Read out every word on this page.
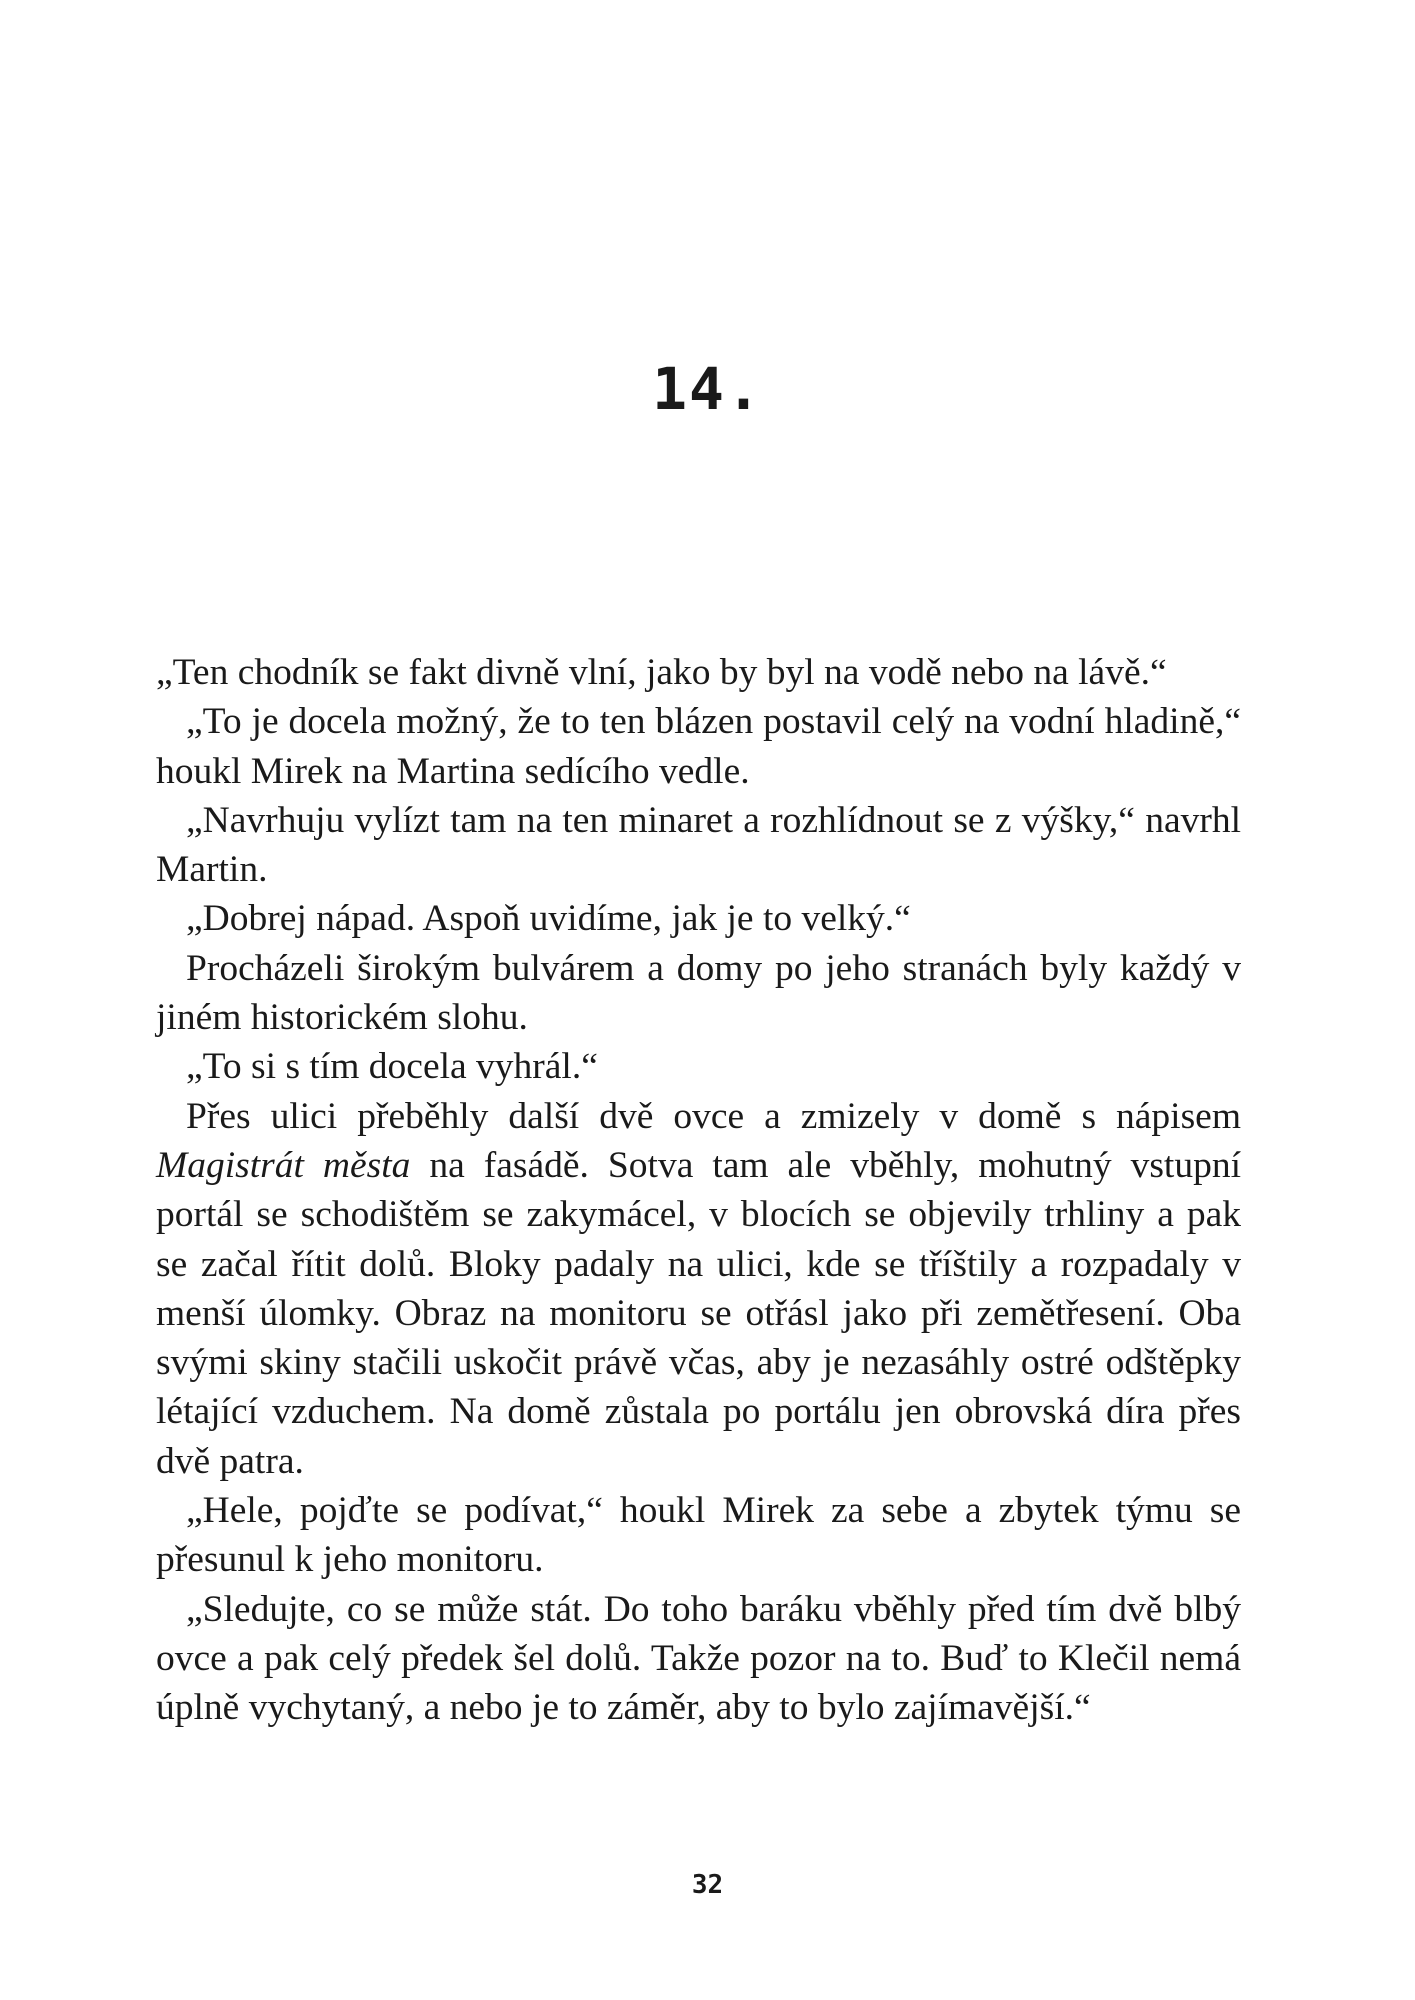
14.

„Ten chodník se fakt divně vlní, jako by byl na vodě nebo na lávě.“

„To je docela možný, že to ten blázen postavil celý na vodní hladině,“ houkl Mirek na Martina sedícího vedle.

„Navrhuju vylízt tam na ten minaret a rozhlídnout se z výšky,“ navrhl Martin.

„Dobrej nápad. Aspoň uvidíme, jak je to velký.“

Procházeli širokým bulvárem a domy po jeho stranách byly každý v jiném historickém slohu.

„To si s tím docela vyhrál.“

Přes ulici přeběhly další dvě ovce a zmizely v domě s nápisem Magistrát města na fasádě. Sotva tam ale vběhly, mohutný vstupní portál se schodištěm se zakymácel, v blocích se objevily trhliny a pak se začal řítit dolů. Bloky padaly na ulici, kde se tříštily a rozpadaly v menší úlomky. Obraz na monitoru se otřásl jako při zemětřesení. Oba svými skiny stačili uskočit právě včas, aby je nezasáhly ostré odštěpky létající vzduchem. Na domě zůstala po portálu jen obrovská díra přes dvě patra.

„Hele, pojďte se podívat,“ houkl Mirek za sebe a zbytek týmu se přesunul k jeho monitoru.

„Sledujte, co se může stát. Do toho baráku vběhly před tím dvě blbý ovce a pak celý předek šel dolů. Takže pozor na to. Buď to Klečil nemá úplně vychytaný, a nebo je to záměr, aby to bylo zajímavější.“

32
